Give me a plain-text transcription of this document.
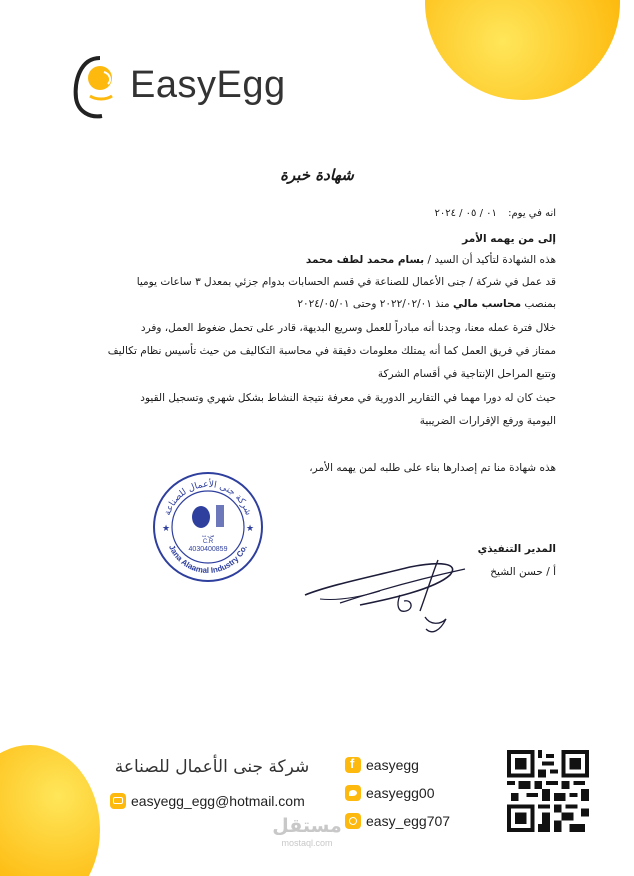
EasyEgg
شهادة خبرة
انه في يوم: ٠١ / ٠٥ / ٢٠٢٤
إلى من يهمه الأمر
هذه الشهادة لتأكيد أن السيد / بسام محمد لطف محمد
قد عمل في شركة / جنى الأعمال للصناعة في قسم الحسابات بدوام جزئي بمعدل ٣ ساعات يوميا
بمنصب محاسب مالي منذ ٢٠٢٢/٠٢/٠١ وحتى ٢٠٢٤/٠٥/٠١
خلال فترة عمله معنا، وجدنا أنه مبادراً للعمل وسريع البديهة، قادر على تحمل ضغوط العمل، وفرد
ممتاز في فريق العمل كما أنه يمتلك معلومات دقيقة في محاسبة التكاليف من حيث تأسيس نظام تكاليف
وتتبع المراحل الإنتاجية في أقسام الشركة
حيث كان له دورا مهما في التقارير الدورية في معرفة نتيجة النشاط بشكل شهري وتسجيل القيود
اليومية ورفع الإقرارات الضريبية
هذه شهادة منا تم إصدارها بناء على طلبه لمن يهمه الأمر،
المدير التنفيذي
أ / حسن الشيخ
شركة جنى الأعمال للصناعة
Jana Alaamal Industry Co.
★	★
س.ت
C.R
4030400859
شركة جنى الأعمال للصناعة
easyegg_egg@hotmail.com
feasyegg
easyegg00
easy_egg707
مستقل
mostaql.com
